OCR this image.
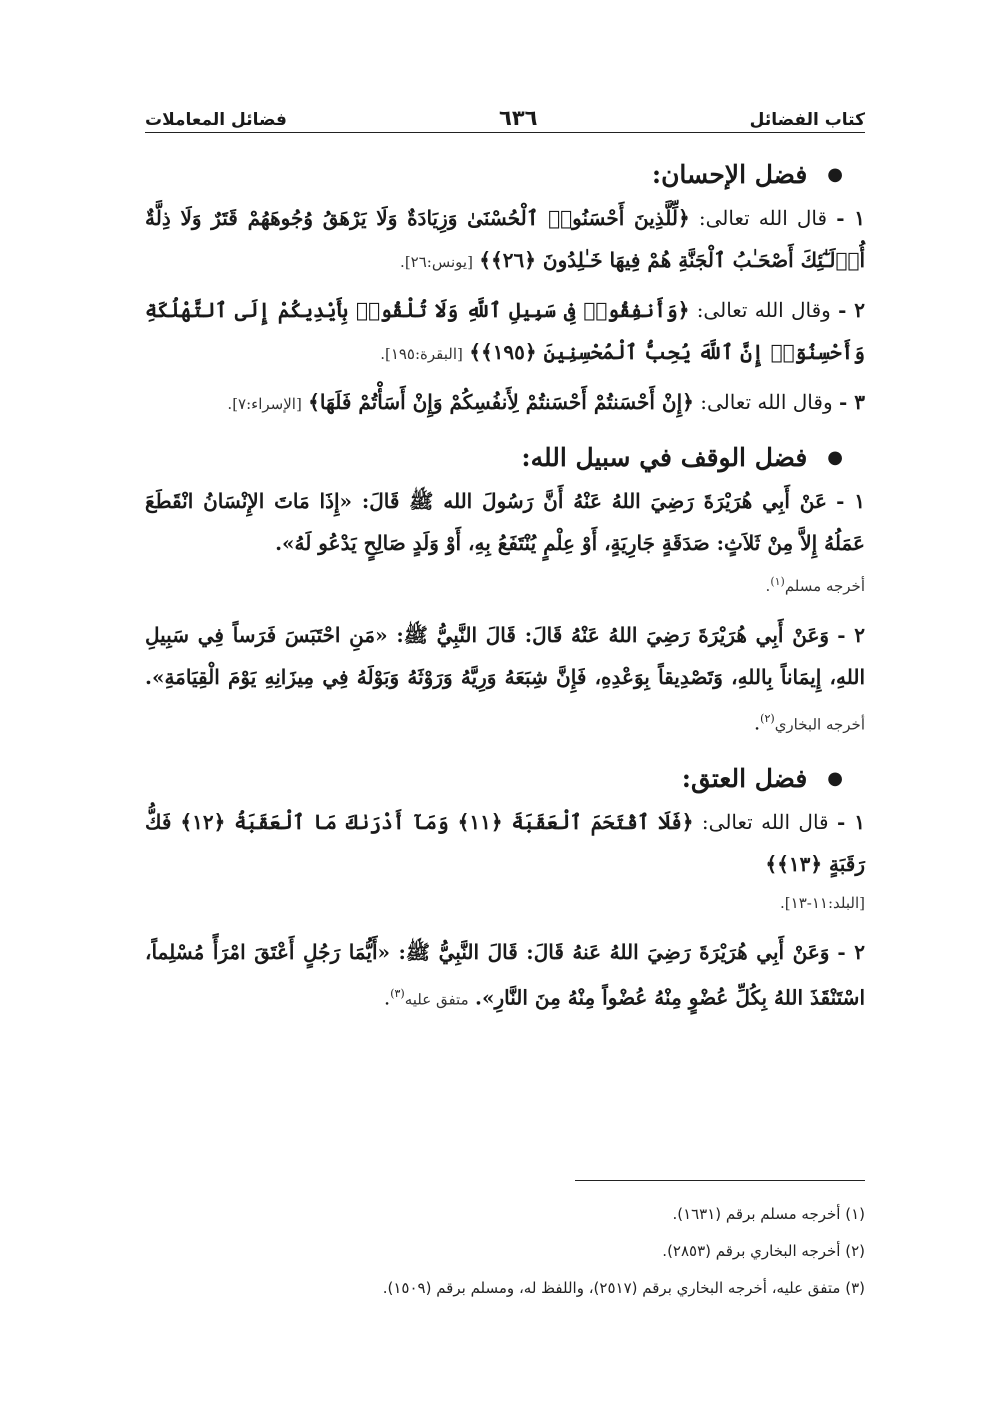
كتاب الفضائل
٦٣٦
فضائل المعاملات
●
فضل الإحسان:

١ - قال الله تعالى: ﴿لِّلَّذِينَ أَحْسَنُوا۟ ٱلْحُسْنَىٰ وَزِيَادَةٌ وَلَا يَرْهَقُ وُجُوهَهُمْ قَتَرٌ وَلَا ذِلَّةٌ أُو۟لَـٰٓئِكَ أَصْحَـٰبُ ٱلْجَنَّةِ هُمْ فِيهَا خَـٰلِدُونَ ﴿٢٦﴾﴾ [يونس:٢٦].

٢ - وقال الله تعالى: ﴿وَأَنفِقُوا۟ فِى سَبِيلِ ٱللَّهِ وَلَا تُلْقُوا۟ بِأَيْدِيكُمْ إِلَى ٱلتَّهْلُكَةِ وَأَحْسِنُوٓا۟ إِنَّ ٱللَّهَ يُحِبُّ ٱلْمُحْسِنِينَ ﴿١٩٥﴾﴾ [البقرة:١٩٥].

٣ - وقال الله تعالى: ﴿إِنْ أَحْسَنتُمْ أَحْسَنتُمْ لِأَنفُسِكُمْ وَإِنْ أَسَأْتُمْ فَلَهَا﴾ [الإسراء:٧].

●
فضل الوقف في سبيل الله:

١ - عَنْ أَبِي هُرَيْرَةَ رَضِيَ اللهُ عَنْهُ أَنَّ رَسُولَ الله ﷺ قَالَ: «إِذَا مَاتَ الإِنْسَانُ انْقَطَعَ عَمَلُهُ إِلاَّ مِنْ ثَلاَثٍ: صَدَقَةٍ جَارِيَةٍ، أَوْ عِلْمٍ يُنْتَفَعُ بِهِ، أَوْ وَلَدٍ صَالِحٍ يَدْعُو لَهُ».

أخرجه مسلم$^{(١)}$.

٢ - وَعَنْ أَبِي هُرَيْرَةَ رَضِيَ اللهُ عَنْهُ قَالَ: قَالَ النَّبِيُّ ﷺ: «مَنِ احْتَبَسَ فَرَساً فِي سَبِيلِ اللهِ، إِيمَاناً بِاللهِ، وَتَصْدِيقاً بِوَعْدِهِ، فَإِنَّ شِبَعَهُ وَرِيَّهُ وَرَوْثَهُ وَبَوْلَهُ فِي مِيزَانِهِ يَوْمَ الْقِيَامَةِ». أخرجه البخاري$^{(٢)}$.

●
فضل العتق:

١ - قال الله تعالى: ﴿فَلَا ٱقْتَحَمَ ٱلْعَقَبَةَ ﴿١١﴾ وَمَآ أَدْرَىٰكَ مَا ٱلْعَقَبَةُ ﴿١٢﴾ فَكُّ رَقَبَةٍ ﴿١٣﴾﴾

[البلد:١١-١٣].

٢ - وَعَنْ أَبِي هُرَيْرَةَ رَضِيَ اللهُ عَنهُ قَالَ: قَالَ النَّبِيُّ ﷺ: «أَيُّمَا رَجُلٍ أَعْتَقَ امْرَأً مُسْلِماً، اسْتَنْقَذَ اللهُ بِكُلِّ عُضْوٍ مِنْهُ عُضْواً مِنْهُ مِنَ النَّارِ». متفق عليه$^{(٣)}$.

(١) أخرجه مسلم برقم (١٦٣١).
(٢) أخرجه البخاري برقم (٢٨٥٣).
(٣) متفق عليه، أخرجه البخاري برقم (٢٥١٧)، واللفظ له، ومسلم برقم (١٥٠٩).
